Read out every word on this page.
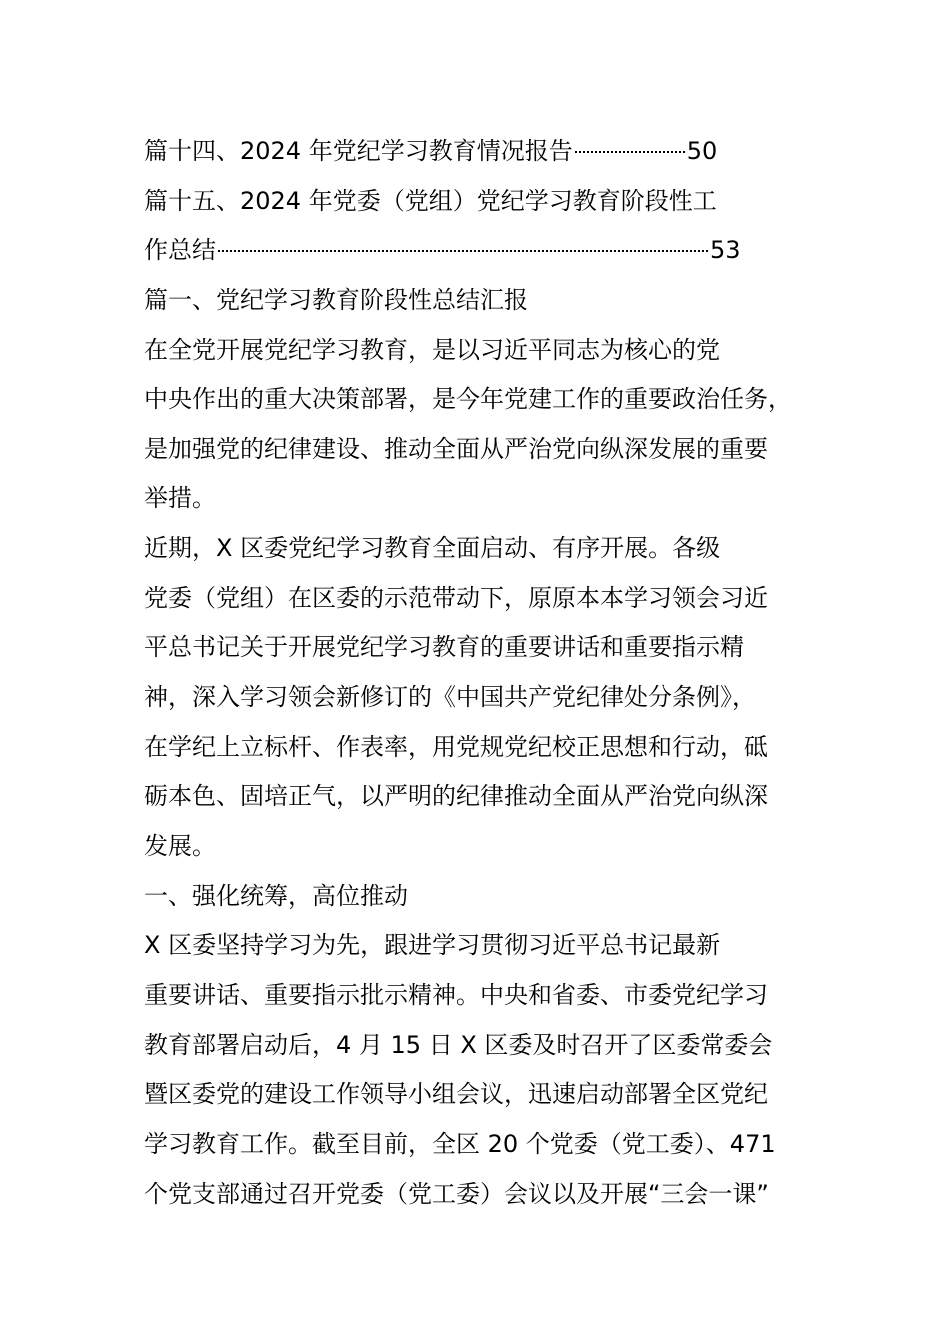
篇十四、2024 年党纪学习教育情况报告	50
篇十五、2024 年党委（党组）党纪学习教育阶段性工
作总结	53
篇一、党纪学习教育阶段性总结汇报
在全党开展党纪学习教育，是以习近平同志为核心的党
中央作出的重大决策部署，是今年党建工作的重要政治任务，
是加强党的纪律建设、推动全面从严治党向纵深发展的重要
举措。
近期，X 区委党纪学习教育全面启动、有序开展。各级
党委（党组）在区委的示范带动下，原原本本学习领会习近
平总书记关于开展党纪学习教育的重要讲话和重要指示精
神，深入学习领会新修订的《中国共产党纪律处分条例》，
在学纪上立标杆、作表率，用党规党纪校正思想和行动，砥
砺本色、固培正气，以严明的纪律推动全面从严治党向纵深
发展。
一、强化统筹，高位推动
X 区委坚持学习为先，跟进学习贯彻习近平总书记最新
重要讲话、重要指示批示精神。中央和省委、市委党纪学习
教育部署启动后，4 月 15 日 X 区委及时召开了区委常委会
暨区委党的建设工作领导小组会议，迅速启动部署全区党纪
学习教育工作。截至目前，全区 20 个党委（党工委）、471
个党支部通过召开党委（党工委）会议以及开展“三会一课”
